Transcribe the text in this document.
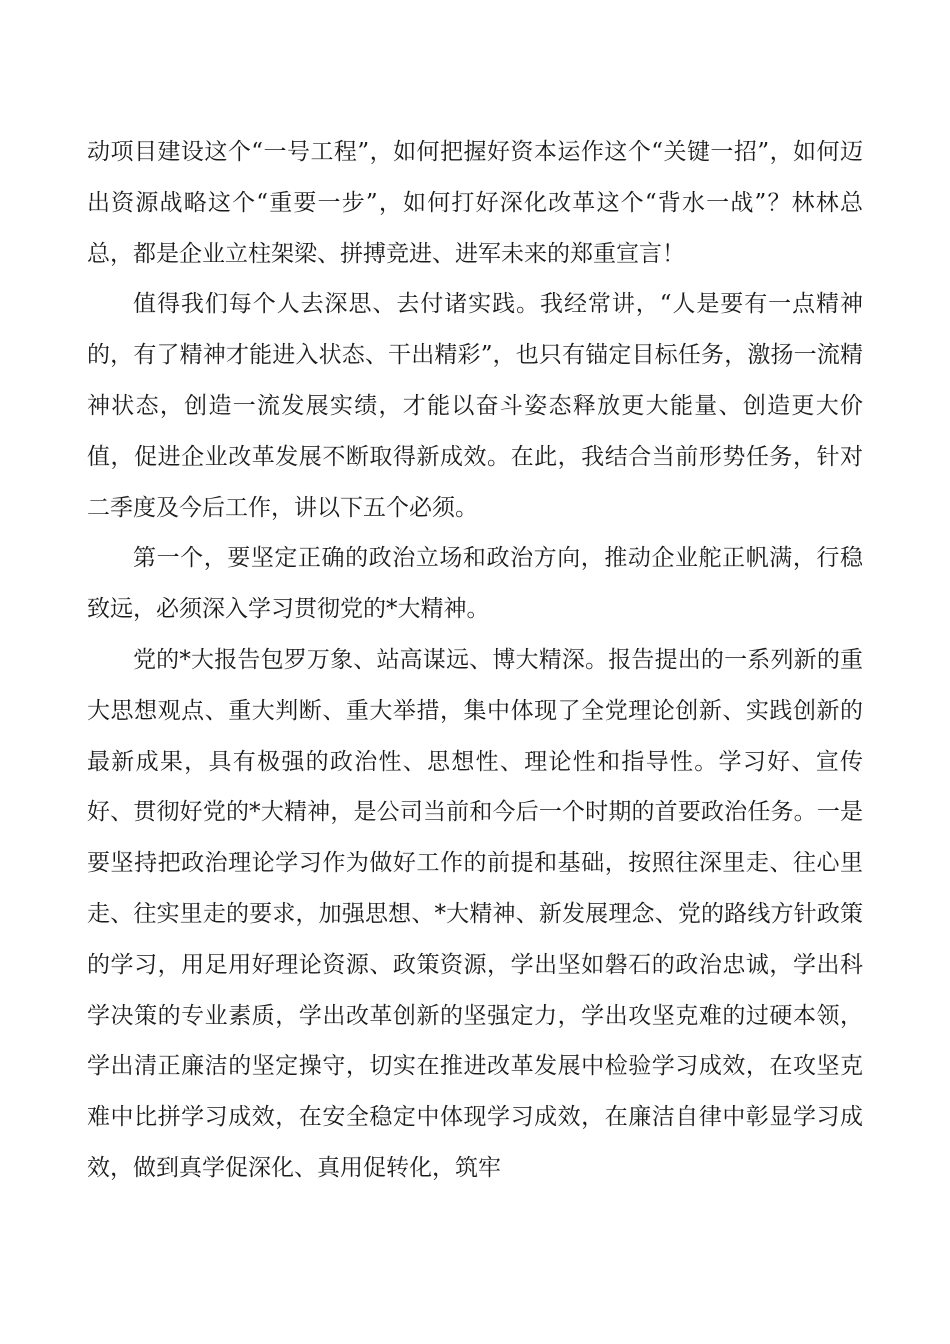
动项目建设这个“一号工程”，如何把握好资本运作这个“关键一招”，如何迈出资源战略这个“重要一步”，如何打好深化改革这个“背水一战”？林林总总，都是企业立柱架梁、拼搏竞进、进军未来的郑重宣言！

值得我们每个人去深思、去付诸实践。我经常讲，“人是要有一点精神的，有了精神才能进入状态、干出精彩”，也只有锚定目标任务，激扬一流精神状态，创造一流发展实绩，才能以奋斗姿态释放更大能量、创造更大价值，促进企业改革发展不断取得新成效。在此，我结合当前形势任务，针对二季度及今后工作，讲以下五个必须。

第一个，要坚定正确的政治立场和政治方向，推动企业舵正帆满，行稳致远，必须深入学习贯彻党的*大精神。

党的*大报告包罗万象、站高谋远、博大精深。报告提出的一系列新的重大思想观点、重大判断、重大举措，集中体现了全党理论创新、实践创新的最新成果，具有极强的政治性、思想性、理论性和指导性。学习好、宣传好、贯彻好党的*大精神，是公司当前和今后一个时期的首要政治任务。一是要坚持把政治理论学习作为做好工作的前提和基础，按照往深里走、往心里走、往实里走的要求，加强思想、*大精神、新发展理念、党的路线方针政策的学习，用足用好理论资源、政策资源，学出坚如磐石的政治忠诚，学出科学决策的专业素质，学出改革创新的坚强定力，学出攻坚克难的过硬本领，学出清正廉洁的坚定操守，切实在推进改革发展中检验学习成效，在攻坚克难中比拼学习成效，在安全稳定中体现学习成效，在廉洁自律中彰显学习成效，做到真学促深化、真用促转化，筑牢
